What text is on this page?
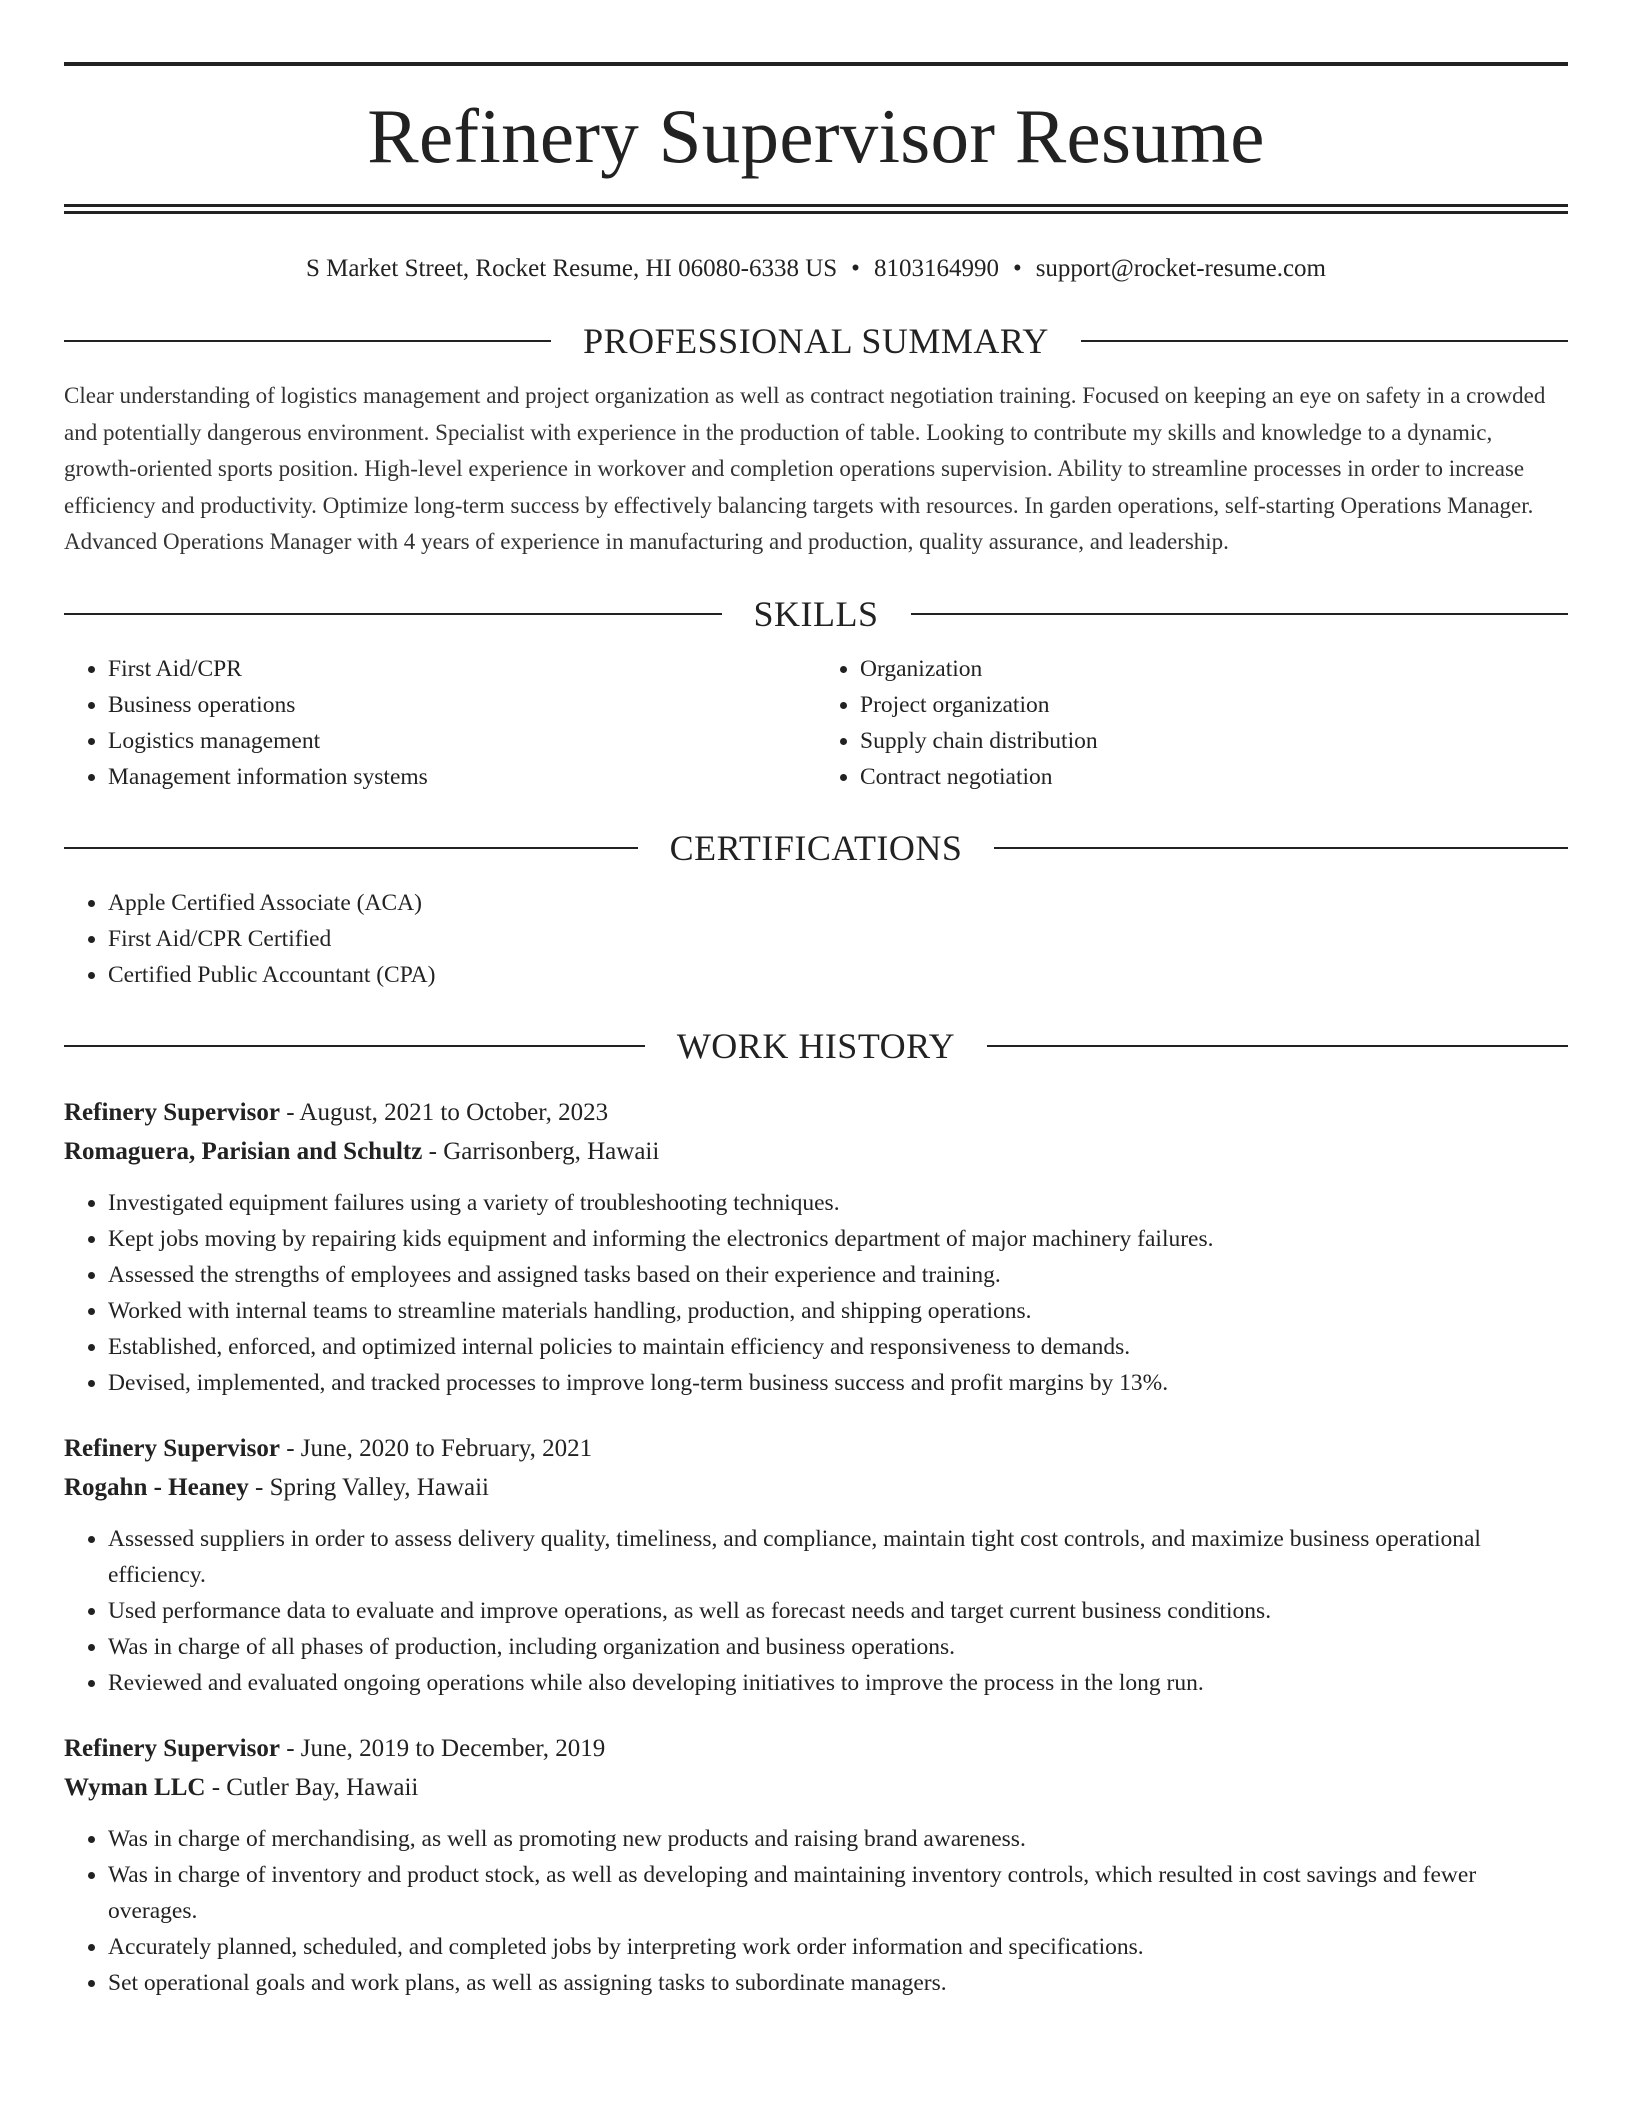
Refinery Supervisor Resume
S Market Street, Rocket Resume, HI 06080-6338 US • 8103164990 • support@rocket-resume.com
PROFESSIONAL SUMMARY
Clear understanding of logistics management and project organization as well as contract negotiation training. Focused on keeping an eye on safety in a crowded and potentially dangerous environment. Specialist with experience in the production of table. Looking to contribute my skills and knowledge to a dynamic, growth-oriented sports position. High-level experience in workover and completion operations supervision. Ability to streamline processes in order to increase efficiency and productivity. Optimize long-term success by effectively balancing targets with resources. In garden operations, self-starting Operations Manager. Advanced Operations Manager with 4 years of experience in manufacturing and production, quality assurance, and leadership.
SKILLS
• First Aid/CPR
• Business operations
• Logistics management
• Management information systems
• Organization
• Project organization
• Supply chain distribution
• Contract negotiation
CERTIFICATIONS
• Apple Certified Associate (ACA)
• First Aid/CPR Certified
• Certified Public Accountant (CPA)
WORK HISTORY
Refinery Supervisor - August, 2021 to October, 2023
Romaguera, Parisian and Schultz - Garrisonberg, Hawaii
• Investigated equipment failures using a variety of troubleshooting techniques.
• Kept jobs moving by repairing kids equipment and informing the electronics department of major machinery failures.
• Assessed the strengths of employees and assigned tasks based on their experience and training.
• Worked with internal teams to streamline materials handling, production, and shipping operations.
• Established, enforced, and optimized internal policies to maintain efficiency and responsiveness to demands.
• Devised, implemented, and tracked processes to improve long-term business success and profit margins by 13%.
Refinery Supervisor - June, 2020 to February, 2021
Rogahn - Heaney - Spring Valley, Hawaii
• Assessed suppliers in order to assess delivery quality, timeliness, and compliance, maintain tight cost controls, and maximize business operational efficiency.
• Used performance data to evaluate and improve operations, as well as forecast needs and target current business conditions.
• Was in charge of all phases of production, including organization and business operations.
• Reviewed and evaluated ongoing operations while also developing initiatives to improve the process in the long run.
Refinery Supervisor - June, 2019 to December, 2019
Wyman LLC - Cutler Bay, Hawaii
• Was in charge of merchandising, as well as promoting new products and raising brand awareness.
• Was in charge of inventory and product stock, as well as developing and maintaining inventory controls, which resulted in cost savings and fewer overages.
• Accurately planned, scheduled, and completed jobs by interpreting work order information and specifications.
• Set operational goals and work plans, as well as assigning tasks to subordinate managers.
